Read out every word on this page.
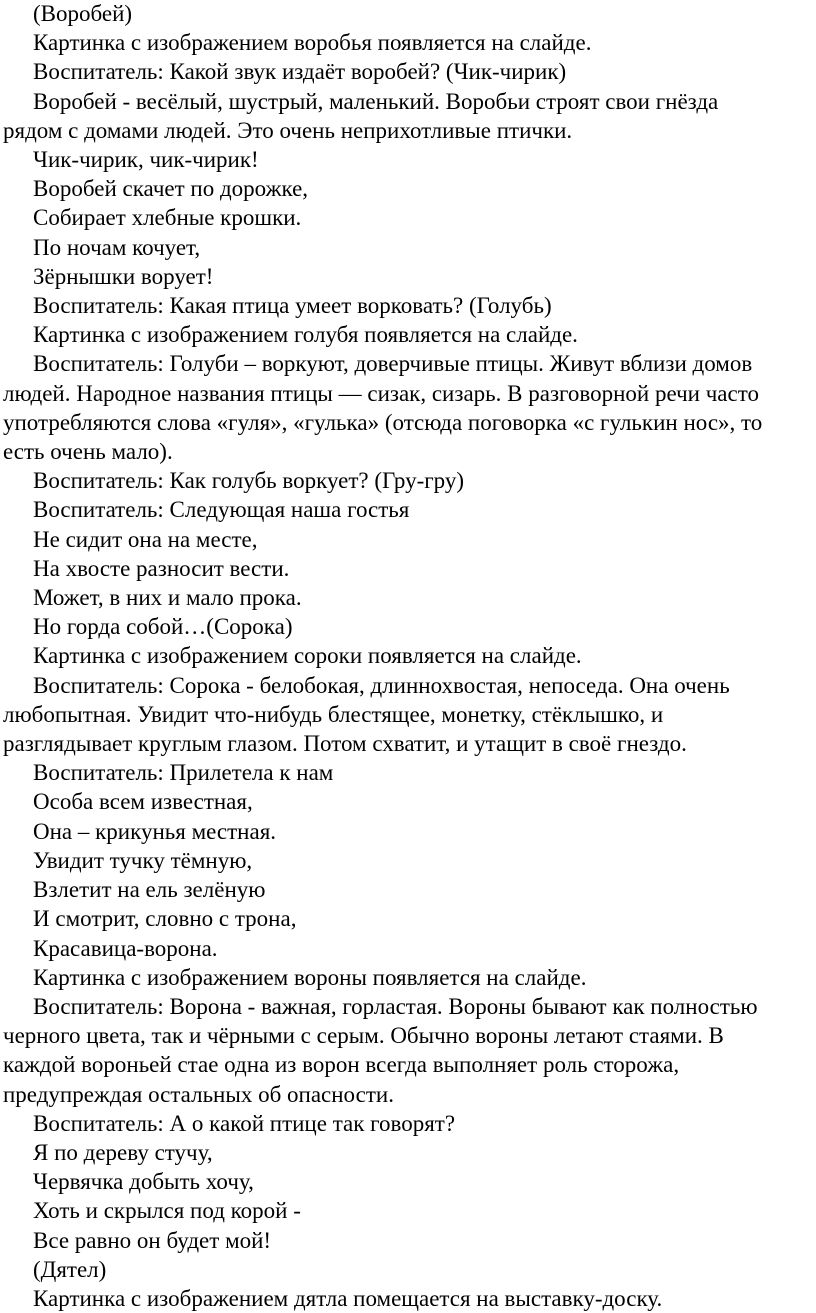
(Воробей)

Картинка с изображением воробья появляется на слайде.

Воспитатель: Какой звук издаёт воробей? (Чик-чирик)

Воробей - весёлый, шустрый, маленький. Воробьи строят свои гнёзда
рядом с домами людей. Это очень неприхотливые птички.

Чик-чирик, чик-чирик!

Воробей скачет по дорожке,

Собирает хлебные крошки.

По ночам кочует,

Зёрнышки ворует!

Воспитатель: Какая птица умеет ворковать? (Голубь)

Картинка с изображением голубя появляется на слайде.

Воспитатель: Голуби – воркуют, доверчивые птицы. Живут вблизи домов
людей. Народное названия птицы — сизак, сизарь. В разговорной речи часто
употребляются слова «гуля», «гулька» (отсюда поговорка «с гулькин нос», то
есть очень мало).

Воспитатель: Как голубь воркует? (Гру-гру)

Воспитатель: Следующая наша гостья

Не сидит она на месте,

На хвосте разносит вести.

Может, в них и мало прока.

Но горда собой…(Сорока)

Картинка с изображением сороки появляется на слайде.

Воспитатель: Сорока - белобокая, длиннохвостая, непоседа. Она очень
любопытная. Увидит что-нибудь блестящее, монетку, стёклышко, и
разглядывает круглым глазом. Потом схватит, и утащит в своё гнездо.

Воспитатель: Прилетела к нам

Особа всем известная,

Она – крикунья местная.

Увидит тучку тёмную,

Взлетит на ель зелёную

И смотрит, словно с трона,

Красавица-ворона.

Картинка с изображением вороны появляется на слайде.

Воспитатель: Ворона - важная, горластая. Вороны бывают как полностью
черного цвета, так и чёрными с серым. Обычно вороны летают стаями. В
каждой вороньей стае одна из ворон всегда выполняет роль сторожа,
предупреждая остальных об опасности.

Воспитатель: А о какой птице так говорят?

Я по дереву стучу,

Червячка добыть хочу,

Хоть и скрылся под корой -

Все равно он будет мой!

(Дятел)

Картинка с изображением дятла помещается на выставку-доску.
